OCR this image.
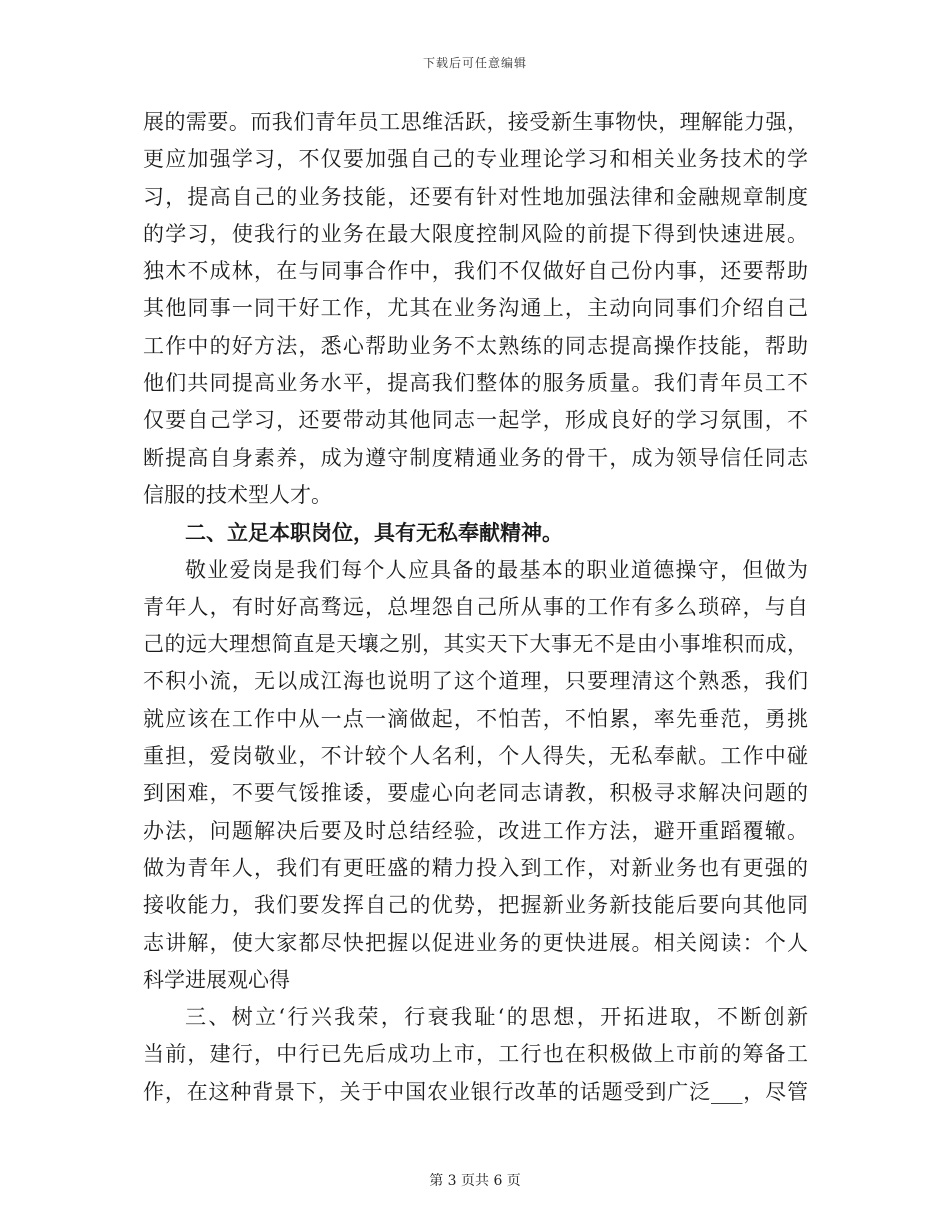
下载后可任意编辑
展的需要。而我们青年员工思维活跃，接受新生事物快，理解能力强，
更应加强学习，不仅要加强自己的专业理论学习和相关业务技术的学
习，提高自己的业务技能，还要有针对性地加强法律和金融规章制度
的学习，使我行的业务在最大限度控制风险的前提下得到快速进展。
独木不成林，在与同事合作中，我们不仅做好自己份内事，还要帮助
其他同事一同干好工作，尤其在业务沟通上，主动向同事们介绍自己
工作中的好方法，悉心帮助业务不太熟练的同志提高操作技能，帮助
他们共同提高业务水平，提高我们整体的服务质量。我们青年员工不
仅要自己学习，还要带动其他同志一起学，形成良好的学习氛围，不
断提高自身素养，成为遵守制度精通业务的骨干，成为领导信任同志
信服的技术型人才。
二、立足本职岗位，具有无私奉献精神。
敬业爱岗是我们每个人应具备的最基本的职业道德操守，但做为
青年人，有时好高骛远，总埋怨自己所从事的工作有多么琐碎，与自
己的远大理想简直是天壤之别，其实天下大事无不是由小事堆积而成，
不积小流，无以成江海也说明了这个道理，只要理清这个熟悉，我们
就应该在工作中从一点一滴做起，不怕苦，不怕累，率先垂范，勇挑
重担，爱岗敬业，不计较个人名利，个人得失，无私奉献。工作中碰
到困难，不要气馁推诿，要虚心向老同志请教，积极寻求解决问题的
办法，问题解决后要及时总结经验，改进工作方法，避开重蹈覆辙。
做为青年人，我们有更旺盛的精力投入到工作，对新业务也有更强的
接收能力，我们要发挥自己的优势，把握新业务新技能后要向其他同
志讲解，使大家都尽快把握以促进业务的更快进展。相关阅读：个人
科学进展观心得
三、树立‘行兴我荣，行衰我耻‘的思想，开拓进取，不断创新
当前，建行，中行已先后成功上市，工行也在积极做上市前的筹备工
作，在这种背景下，关于中国农业银行改革的话题受到广泛___，尽管
第 3 页共 6 页
